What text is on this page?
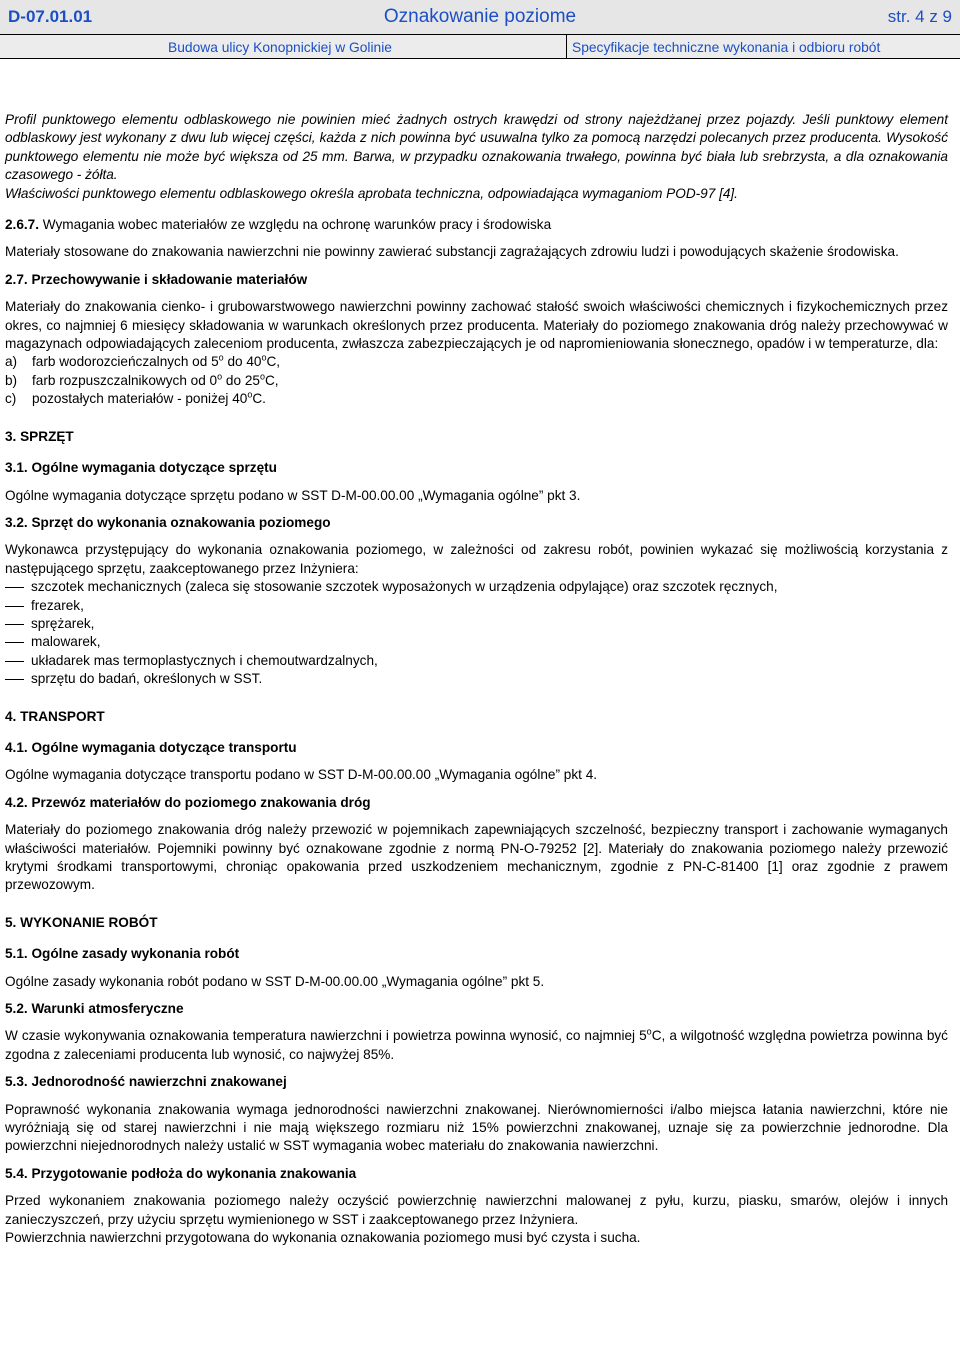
D-07.01.01	Oznakowanie poziome	str. 4 z 9
Budowa ulicy Konopnickiej w Golinie	Specyfikacje techniczne wykonania i odbioru robót

Profil punktowego elementu odblaskowego nie powinien mieć żadnych ostrych krawędzi od strony najeżdżanej przez pojazdy. Jeśli punktowy element odblaskowy jest wykonany z dwu lub więcej części, każda z nich powinna być usuwalna tylko za pomocą narzędzi polecanych przez producenta. Wysokość punktowego elementu nie może być większa od 25 mm. Barwa, w przypadku oznakowania trwałego, powinna być biała lub srebrzysta, a dla oznakowania czasowego - żółta.

Właściwości punktowego elementu odblaskowego określa aprobata techniczna, odpowiadająca wymaganiom POD-97 [4].

2.6.7. Wymagania wobec materiałów ze względu na ochronę warunków pracy i środowiska

Materiały stosowane do znakowania nawierzchni nie powinny zawierać substancji zagrażających zdrowiu ludzi i powodujących skażenie środowiska.

2.7. Przechowywanie i składowanie materiałów

Materiały do znakowania cienko- i grubowarstwowego nawierzchni powinny zachować stałość swoich właściwości chemicznych i fizykochemicznych przez okres, co najmniej 6 miesięcy składowania w warunkach określonych przez producenta. Materiały do poziomego znakowania dróg należy przechowywać w magazynach odpowiadających zaleceniom producenta, zwłaszcza zabezpieczających je od napromieniowania słonecznego, opadów i w temperaturze, dla:

a) farb wodorozcieńczalnych od 5$^o$ do 40$^o$C,
b) farb rozpuszczalnikowych od 0$^o$ do 25$^o$C,
c) pozostałych materiałów - poniżej 40$^o$C.

3. SPRZĘT

3.1. Ogólne wymagania dotyczące sprzętu

Ogólne wymagania dotyczące sprzętu podano w SST D-M-00.00.00 „Wymagania ogólne” pkt 3.

3.2. Sprzęt do wykonania oznakowania poziomego

Wykonawca przystępujący do wykonania oznakowania poziomego, w zależności od zakresu robót, powinien wykazać się możliwością korzystania z następującego sprzętu, zaakceptowanego przez Inżyniera:

szczotek mechanicznych (zaleca się stosowanie szczotek wyposażonych w urządzenia odpylające) oraz szczotek ręcznych,
frezarek,
sprężarek,
malowarek,
układarek mas termoplastycznych i chemoutwardzalnych,
sprzętu do badań, określonych w SST.

4. TRANSPORT

4.1. Ogólne wymagania dotyczące transportu

Ogólne wymagania dotyczące transportu podano w SST D-M-00.00.00 „Wymagania ogólne” pkt 4.

4.2. Przewóz materiałów do poziomego znakowania dróg

Materiały do poziomego znakowania dróg należy przewozić w pojemnikach zapewniających szczelność, bezpieczny transport i zachowanie wymaganych właściwości materiałów. Pojemniki powinny być oznakowane zgodnie z normą PN-O-79252 [2]. Materiały do znakowania poziomego należy przewozić krytymi środkami transportowymi, chroniąc opakowania przed uszkodzeniem mechanicznym, zgodnie z PN-C-81400 [1] oraz zgodnie z prawem przewozowym.

5. WYKONANIE ROBÓT

5.1. Ogólne zasady wykonania robót

Ogólne zasady wykonania robót podano w SST D-M-00.00.00 „Wymagania ogólne” pkt 5.

5.2. Warunki atmosferyczne

W czasie wykonywania oznakowania temperatura nawierzchni i powietrza powinna wynosić, co najmniej 5$^o$C, a wilgotność względna powietrza powinna być zgodna z zaleceniami producenta lub wynosić, co najwyżej 85%.

5.3. Jednorodność nawierzchni znakowanej

Poprawność wykonania znakowania wymaga jednorodności nawierzchni znakowanej. Nierównomierności i/albo miejsca łatania nawierzchni, które nie wyróżniają się od starej nawierzchni i nie mają większego rozmiaru niż 15% powierzchni znakowanej, uznaje się za powierzchnie jednorodne. Dla powierzchni niejednorodnych należy ustalić w SST wymagania wobec materiału do znakowania nawierzchni.

5.4. Przygotowanie podłoża do wykonania znakowania

Przed wykonaniem znakowania poziomego należy oczyścić powierzchnię nawierzchni malowanej z pyłu, kurzu, piasku, smarów, olejów i innych zanieczyszczeń, przy użyciu sprzętu wymienionego w SST i zaakceptowanego przez Inżyniera.

Powierzchnia nawierzchni przygotowana do wykonania oznakowania poziomego musi być czysta i sucha.
